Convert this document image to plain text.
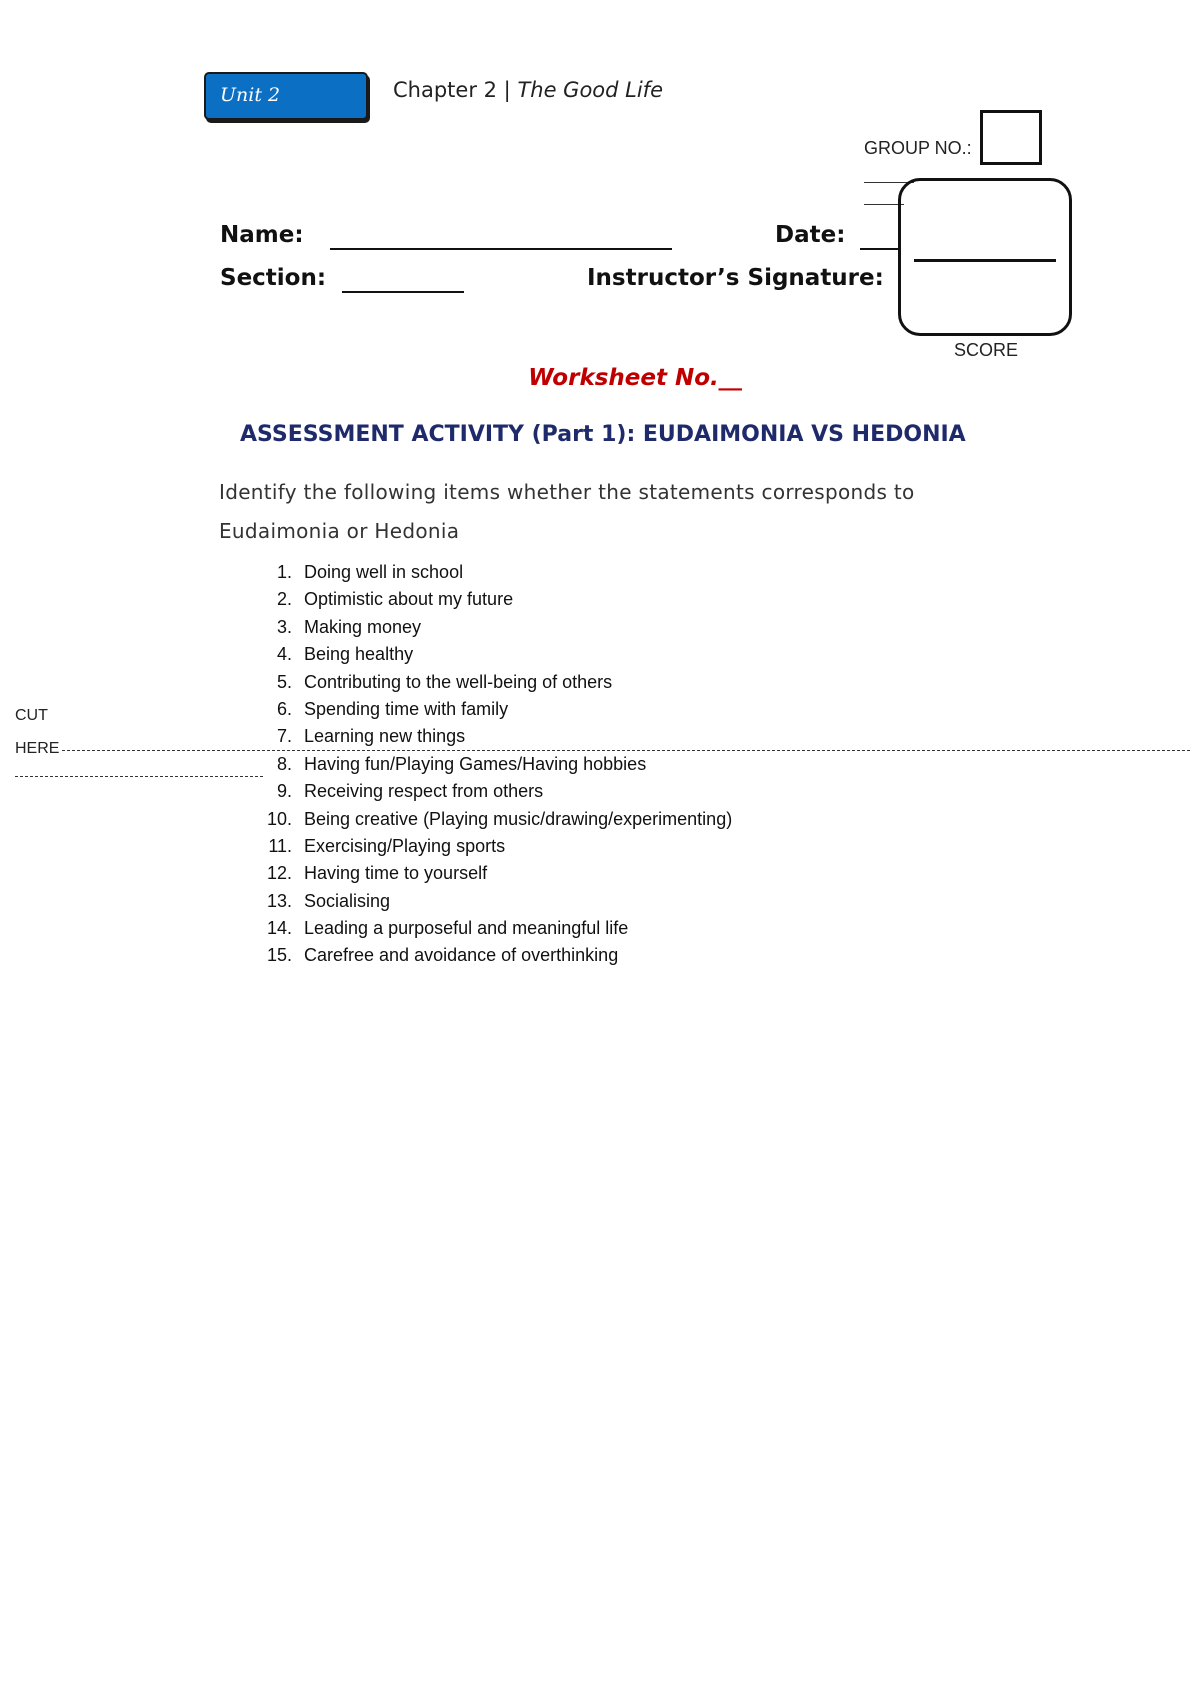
Unit 2	Chapter 2 | The Good Life
GROUP NO.:
SCORE
Name:	Date:
Section:	Instructor’s Signature:
Worksheet No.__
ASSESSMENT ACTIVITY (Part 1): EUDAIMONIA VS HEDONIA
Identify the following items whether the statements corresponds to
Eudaimonia or Hedonia
1. Doing well in school
2. Optimistic about my future
3. Making money
4. Being healthy
5. Contributing to the well-being of others
6. Spending time with family
7. Learning new things
8. Having fun/Playing Games/Having hobbies
9. Receiving respect from others
10. Being creative (Playing music/drawing/experimenting)
11. Exercising/Playing sports
12. Having time to yourself
13. Socialising
14. Leading a purposeful and meaningful life
15. Carefree and avoidance of overthinking
CUT
HERE
